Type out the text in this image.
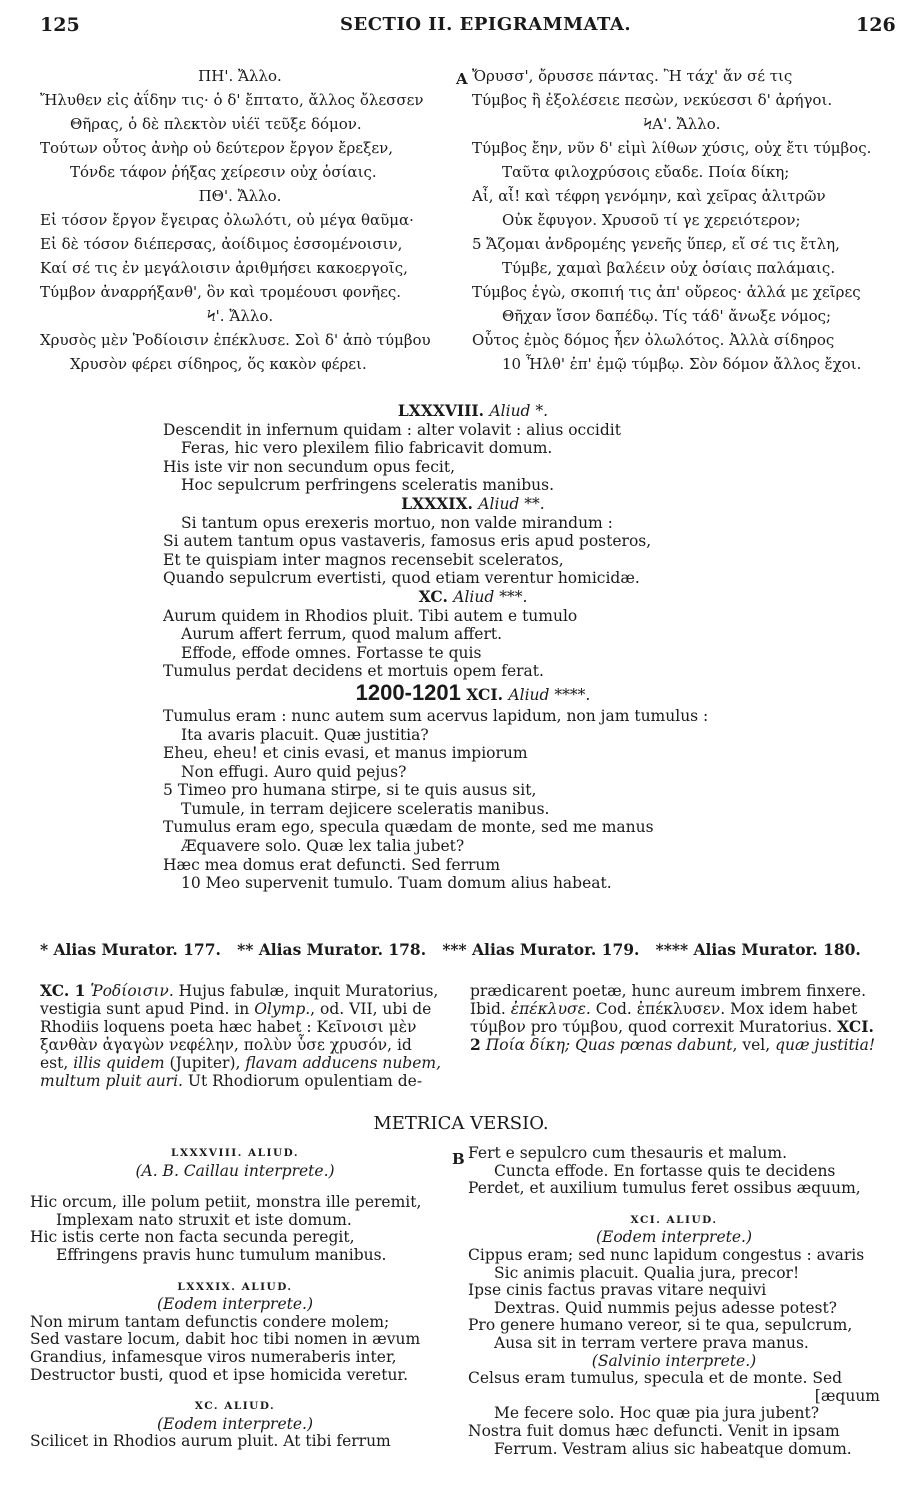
125	SECTIO II. EPIGRAMMATA.	126
ΠΗ'. Ἄλλο.
Ἤλυθεν εἰς ἀΐδην τις· ὁ δ' ἔπτατο, ἄλλος ὄλεσσεν
Θῆρας, ὁ δὲ πλεκτὸν υἱέϊ τεῦξε δόμον.
Τούτων οὗτος ἀνὴρ οὐ δεύτερον ἔργον ἔρεξεν,
Τόνδε τάφον ῥήξας χείρεσιν οὐχ ὁσίαις.
ΠΘ'. Ἄλλο.
Εἰ τόσον ἔργον ἔγειρας ὀλωλότι, οὐ μέγα θαῦμα·
Εἰ δὲ τόσον διέπερσας, ἀοίδιμος ἐσσομένοισιν,
Καί σέ τις ἐν μεγάλοισιν ἀριθμήσει κακοεργοῖς,
Τύμβον ἀναρρήξανθ', ὃν καὶ τρομέουσι φονῆες.
Ϟ'. Ἄλλο.
Χρυσὸς μὲν Ῥοδίοισιν ἐπέκλυσε. Σοὶ δ' ἀπὸ τύμβου
Χρυσὸν φέρει σίδηρος, ὅς κακὸν φέρει.
A Ὄρυσσ', ὄρυσσε πάντας. Ἢ τάχ' ἄν σέ τις
Τύμβος ἢ ἐξολέσειε πεσὼν, νεκύεσσι δ' ἀρήγοι.
ϞΑ'. Ἄλλο.
Τύμβος ἔην, νῦν δ' εἰμὶ λίθων χύσις, οὐχ ἔτι τύμβος.
Ταῦτα φιλοχρύσοις εὔαδε. Ποία δίκη;
Αἶ, αἶ! καὶ τέφρη γενόμην, καὶ χεῖρας ἀλιτρῶν
Οὐκ ἔφυγον. Χρυσοῦ τί γε χερειότερον;
5 Ἄζομαι ἀνδρομέης γενεῆς ὕπερ, εἴ σέ τις ἔτλη,
Τύμβε, χαμαὶ βαλέειν οὐχ ὁσίαις παλάμαις.
Τύμβος ἐγὼ, σκοπιή τις ἀπ' οὔρεος· ἀλλά με χεῖρες
Θῆχαν ἴσον δαπέδῳ. Τίς τάδ' ἄνωξε νόμος;
Οὗτος ἐμὸς δόμος ἦεν ὀλωλότος. Ἀλλὰ σίδηρος
10 Ἦλθ' ἐπ' ἐμῷ τύμβῳ. Σὸν δόμον ἄλλος ἔχοι.
LXXXVIII. Aliud *.
Descendit in infernum quidam : alter volavit : alius occidit
Feras, hic vero plexilem filio fabricavit domum.
His iste vir non secundum opus fecit,
Hoc sepulcrum perfringens sceleratis manibus.
LXXXIX. Aliud **.
Si tantum opus erexeris mortuo, non valde mirandum :
Si autem tantum opus vastaveris, famosus eris apud posteros,
Et te quispiam inter magnos recensebit sceleratos,
Quando sepulcrum evertisti, quod etiam verentur homicidæ.
XC. Aliud ***.
Aurum quidem in Rhodios pluit. Tibi autem e tumulo
Aurum affert ferrum, quod malum affert.
Effode, effode omnes. Fortasse te quis
Tumulus perdat decidens et mortuis opem ferat.
1200-1201 XCI. Aliud ****.
Tumulus eram : nunc autem sum acervus lapidum, non jam tumulus :
Ita avaris placuit. Quæ justitia?
Eheu, eheu! et cinis evasi, et manus impiorum
Non effugi. Auro quid pejus?
5 Timeo pro humana stirpe, si te quis ausus sit,
Tumule, in terram dejicere sceleratis manibus.
Tumulus eram ego, specula quædam de monte, sed me manus
Æquavere solo. Quæ lex talia jubet?
Hæc mea domus erat defuncti. Sed ferrum
10 Meo supervenit tumulo. Tuam domum alius habeat.
* Alias Murator. 177. ** Alias Murator. 178. *** Alias Murator. 179. **** Alias Murator. 180.
XC. 1 Ῥοδίοισιν. Hujus fabulæ, inquit Muratorius, vestigia sunt apud Pind. in Olymp., od. VII, ubi de Rhodiis loquens poeta hæc habet : Κεῖνοισι μὲν ξανθὰν ἀγαγὼν νεφέλην, πολὺν ὗσε χρυσόν, id est, illis quidem (Jupiter), flavam adducens nubem, multum pluit auri. Ut Rhodiorum opulentiam de-
prædicarent poetæ, hunc aureum imbrem finxere. Ibid. ἐπέκλυσε. Cod. ἐπέκλυσεν. Mox idem habet τύμβον pro τύμβου, quod correxit Muratorius. XCI. 2 Ποία δίκη; Quas pœnas dabunt, vel, quæ justitia!
METRICA VERSIO.
LXXXVIII. ALIUD.
(A. B. Caillau interprete.)
Hic orcum, ille polum petiit, monstra ille peremit,
Implexam nato struxit et iste domum.
Hic istis certe non facta secunda peregit,
Effringens pravis hunc tumulum manibus.
LXXXIX. ALIUD.
(Eodem interprete.)
Non mirum tantam defunctis condere molem;
Sed vastare locum, dabit hoc tibi nomen in ævum
Grandius, infamesque viros numeraberis inter,
Destructor busti, quod et ipse homicida veretur.
XC. ALIUD.
(Eodem interprete.)
Scilicet in Rhodios aurum pluit. At tibi ferrum
B Fert e sepulcro cum thesauris et malum.
Cuncta effode. En fortasse quis te decidens
Perdet, et auxilium tumulus feret ossibus æquum,
XCI. ALIUD.
(Eodem interprete.)
Cippus eram; sed nunc lapidum congestus : avaris
Sic animis placuit. Qualia jura, precor!
Ipse cinis factus pravas vitare nequivi
Dextras. Quid nummis pejus adesse potest?
Pro genere humano vereor, si te qua, sepulcrum,
Ausa sit in terram vertere prava manus.
(Salvinio interprete.)
Celsus eram tumulus, specula et de monte. Sed
[æquum
Me fecere solo. Hoc quæ pia jura jubent?
Nostra fuit domus hæc defuncti. Venit in ipsam
Ferrum. Vestram alius sic habeatque domum.
